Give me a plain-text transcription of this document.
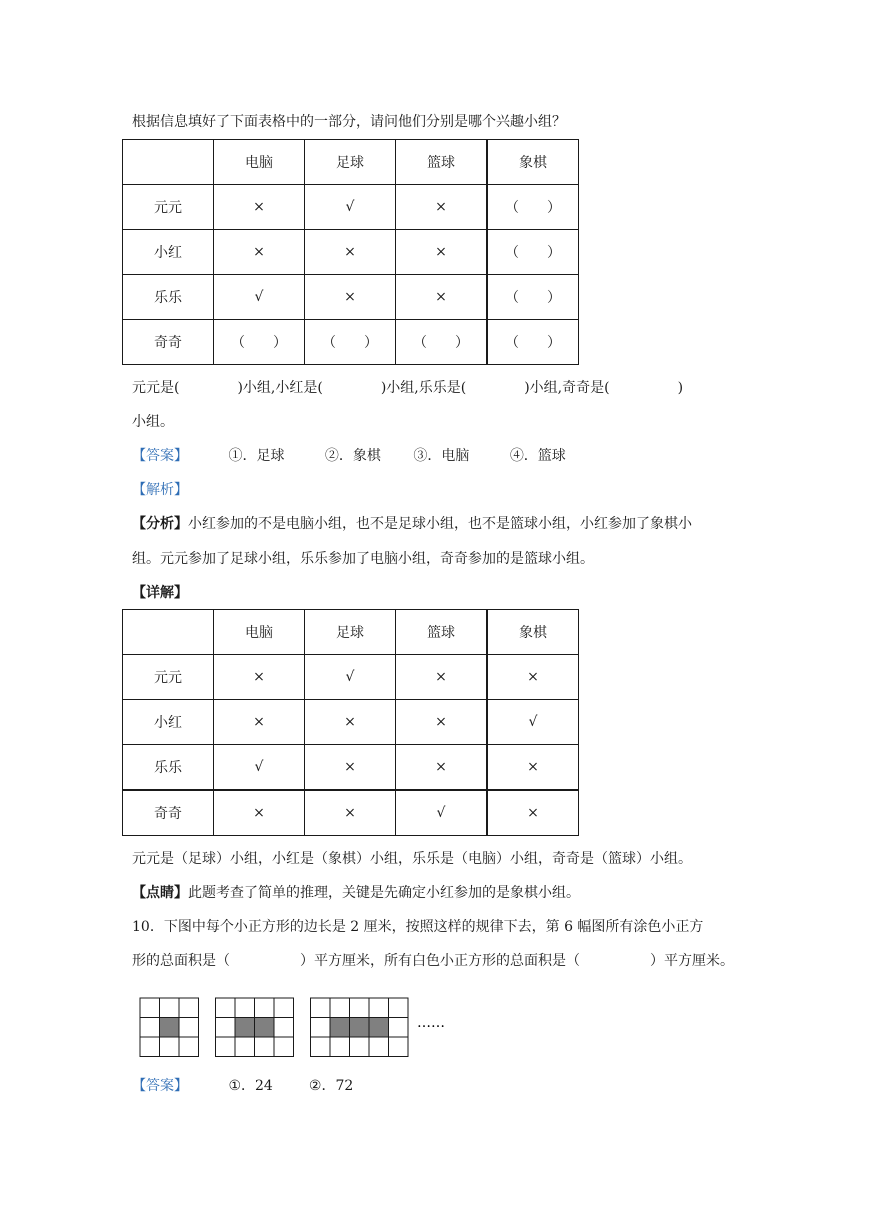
根据信息填好了下面表格中的一部分，请问他们分别是哪个兴趣小组？
	电脑	足球	篮球	象棋
元元	×	√	×	（　　）
小红	×	×	×	（　　）
乐乐	√	×	×	（　　）
奇奇	（　　）	（　　）	（　　）	（　　）
元元是(	)小组,小红是(	)小组,乐乐是(	)小组,奇奇是(	)
小组。
【答案】	①．足球	②．象棋 ③．电脑	④．篮球
【解析】
【分析】小红参加的不是电脑小组，也不是足球小组，也不是篮球小组，小红参加了象棋小
组。元元参加了足球小组，乐乐参加了电脑小组，奇奇参加的是篮球小组。
【详解】
	电脑	足球	篮球	象棋
元元	×	√	×	×
小红	×	×	×	√
乐乐	√	×	×	×
奇奇	×	×	√	×
元元是（足球）小组，小红是（象棋）小组，乐乐是（电脑）小组，奇奇是（篮球）小组。
【点睛】此题考查了简单的推理，关键是先确定小红参加的是象棋小组。
10．下图中每个小正方形的边长是 2 厘米，按照这样的规律下去，第 6 幅图所有涂色小正方
形的总面积是（	）平方厘米，所有白色小正方形的总面积是（	）平方厘米。
……
【答案】	①．24	②．72
